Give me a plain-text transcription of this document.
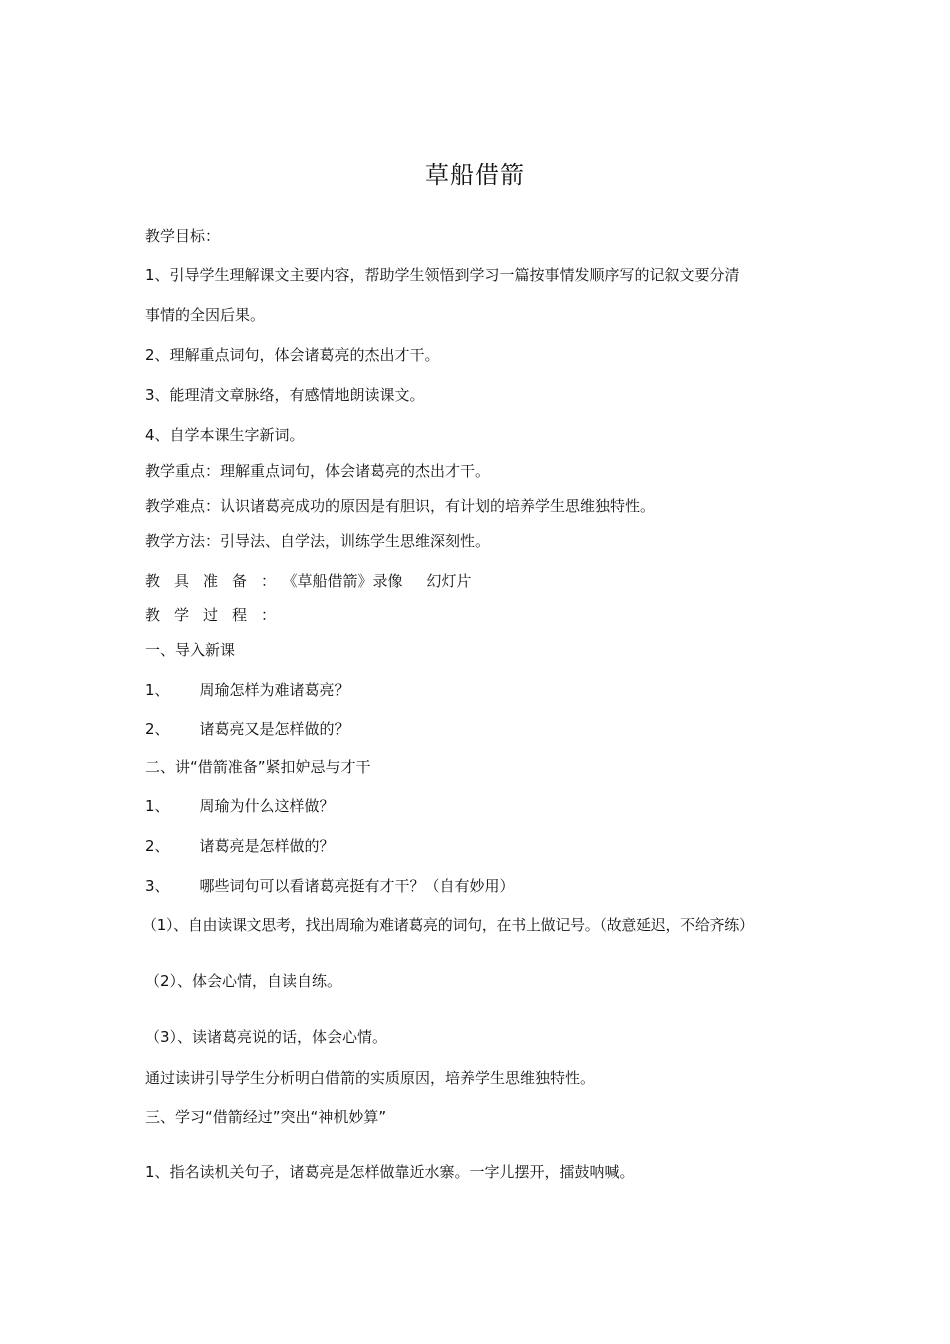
草船借箭
教学目标：
1、引导学生理解课文主要内容，帮助学生领悟到学习一篇按事情发顺序写的记叙文要分清
事情的全因后果。
2、理解重点词句，体会诸葛亮的杰出才干。
3、能理清文章脉络，有感情地朗读课文。
4、自学本课生字新词。
教学重点：理解重点词句，体会诸葛亮的杰出才干。
教学难点：认识诸葛亮成功的原因是有胆识，有计划的培养学生思维独特性。
教学方法：引导法、自学法，训练学生思维深刻性。
教具准备：《草船借箭》录像 幻灯片
教学过程：
一、导入新课
1、 周瑜怎样为难诸葛亮？
2、 诸葛亮又是怎样做的？
二、讲“借箭准备”紧扣妒忌与才干
1、 周瑜为什么这样做？
2、 诸葛亮是怎样做的？
3、 哪些词句可以看诸葛亮挺有才干？（自有妙用）
（1）、自由读课文思考，找出周瑜为难诸葛亮的词句，在书上做记号。（故意延迟，不给齐练）
（2）、体会心情，自读自练。
（3）、读诸葛亮说的话，体会心情。
通过读讲引导学生分析明白借箭的实质原因，培养学生思维独特性。
三、学习“借箭经过”突出“神机妙算”
1、指名读机关句子，诸葛亮是怎样做靠近水寨。一字儿摆开，擂鼓呐喊。
